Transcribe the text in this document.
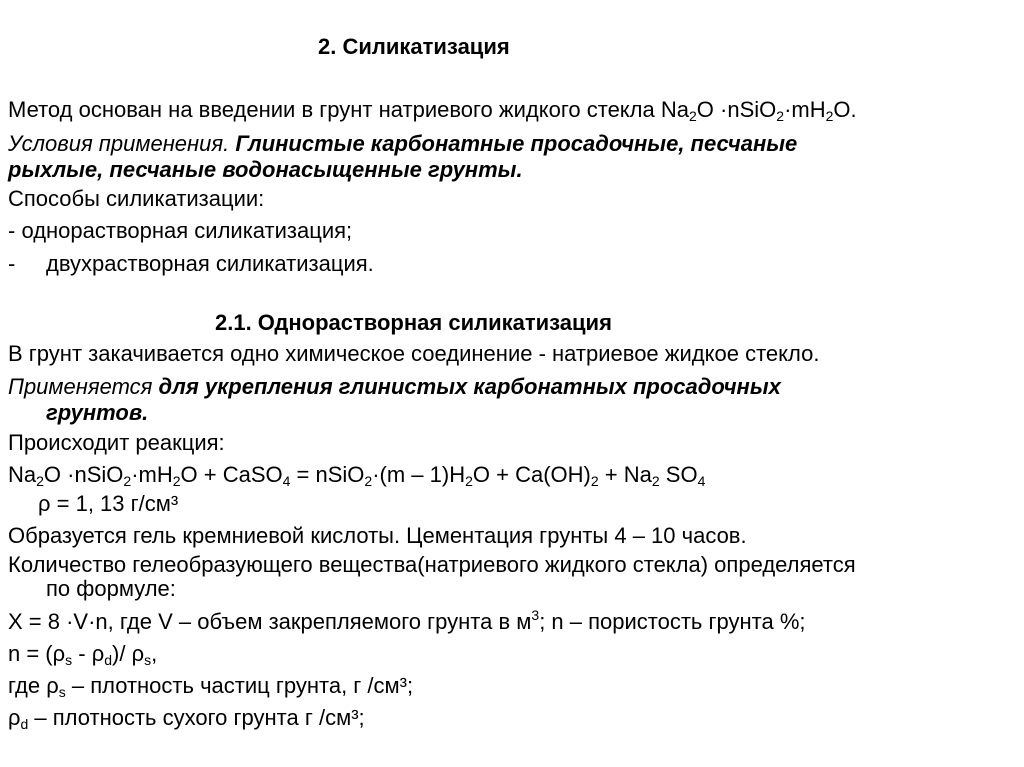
2. Силикатизация
Метод основан на введении в грунт натриевого жидкого стекла $Na_2O$ $\cdot nSiO_2\cdot mH_2O$.
Условия применения. Глинистые карбонатные просадочные, песчаные
рыхлые, песчаные водонасыщенные грунты.
Способы силикатизации:
- однорастворная силикатизация;
- двухрастворная силикатизация.
2.1. Однорастворная силикатизация
В грунт закачивается одно химическое соединение - натриевое жидкое стекло.
Применяется для укрепления глинистых карбонатных просадочных
грунтов.
Происходит реакция:
$Na_2O$ $\cdot nSiO_2\cdot mH_2O$ + CaSO$_4$ = nSiO$_2$·(m – $1)H_2O + Ca(OH)_2 + Na_2$ $SO_4$
ρ = 1, 13 г/см³
Образуется гель кремниевой кислоты. Цементация грунты 4 – 10 часов.
Количество гелеобразующего вещества(натриевого жидкого стекла) определяется
по формуле:
X = 8 ·V·n, где V – объем закрепляемого грунта в $м^3$; n – пористость грунта %;
$n = (\rho_s - \rho_d)/$ $\rho_s$,
где $\rho_s$ – плотность частиц грунта, г /см³;
$\rho_d$ – плотность сухого грунта г /см³;
